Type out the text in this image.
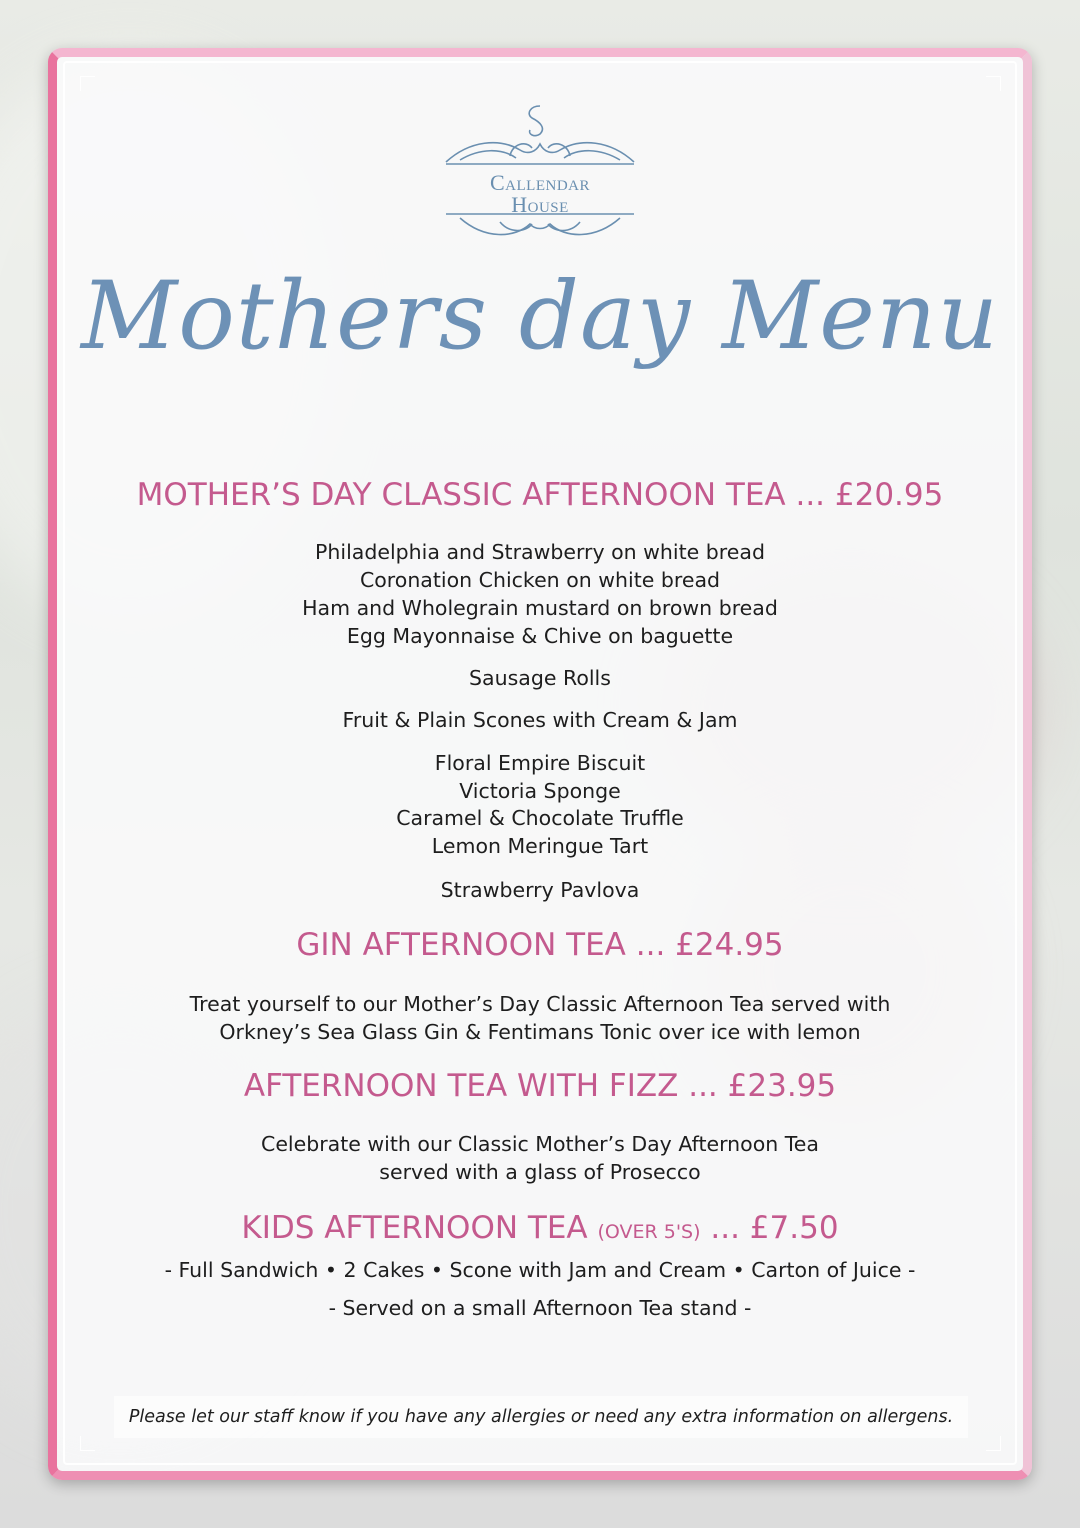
Callendar
House
Mothers day Menu
MOTHER’S DAY CLASSIC AFTERNOON TEA ... £20.95
Philadelphia and Strawberry on white bread
Coronation Chicken on white bread
Ham and Wholegrain mustard on brown bread
Egg Mayonnaise & Chive on baguette
Sausage Rolls
Fruit & Plain Scones with Cream & Jam
Floral Empire Biscuit
Victoria Sponge
Caramel & Chocolate Truffle
Lemon Meringue Tart
Strawberry Pavlova
GIN AFTERNOON TEA ... £24.95
Treat yourself to our Mother’s Day Classic Afternoon Tea served with
Orkney’s Sea Glass Gin & Fentimans Tonic over ice with lemon
AFTERNOON TEA WITH FIZZ ... £23.95
Celebrate with our Classic Mother’s Day Afternoon Tea
served with a glass of Prosecco
KIDS AFTERNOON TEA (OVER 5'S) ... £7.50
- Full Sandwich • 2 Cakes • Scone with Jam and Cream • Carton of Juice -
- Served on a small Afternoon Tea stand -
Please let our staff know if you have any allergies or need any extra information on allergens.
